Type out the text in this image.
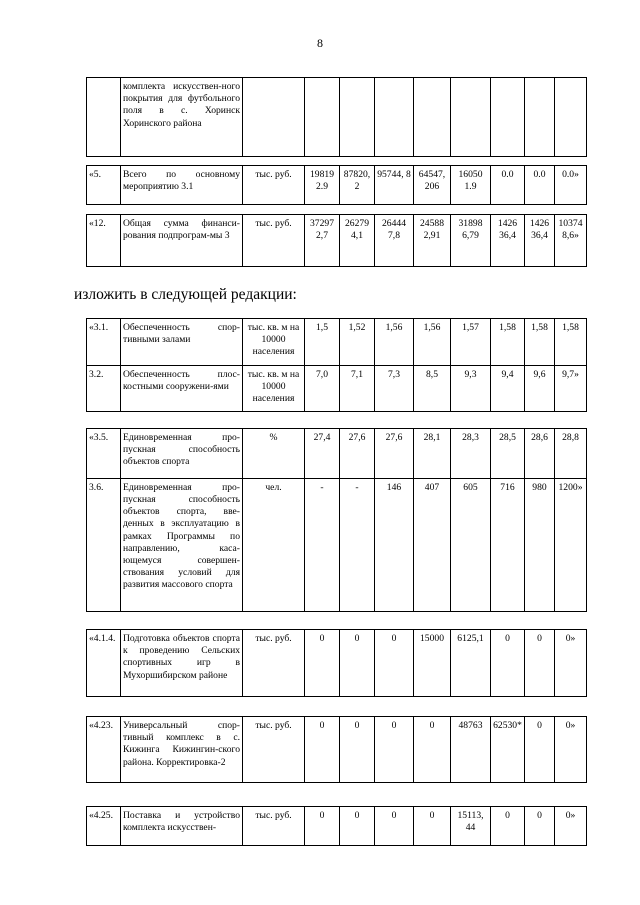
8
	комплекта искусствен-ного покрытия для футбольного поля в с. Хоринск Хоринского района									
«5.	Всего по основному мероприятию 3.1	тыс. руб.	19819 2.9	87820, 2	95744, 8	64547, 206	16050 1.9	0.0	0.0	0.0»
«12.	Общая сумма финанси-рования подпрограм-мы 3	тыс. руб.	37297 2,7	26279 4,1	26444 7,8	24588 2,91	31898 6,79	1426 36,4	1426 36,4	10374 8,6»
изложить в следующей редакции:
«3.1.	Обеспеченность спор-тивными залами	тыс. кв. м на 10000 населения	1,5	1,52	1,56	1,56	1,57	1,58	1,58	1,58
3.2.	Обеспеченность плос-костными сооружени-ями	тыс. кв. м на 10000 населения	7,0	7,1	7,3	8,5	9,3	9,4	9,6	9,7»
«3.5.	Единовременная про-пускная способность объектов спорта	%	27,4	27,6	27,6	28,1	28,3	28,5	28,6	28,8
3.6.	Единовременная про-пускная способность объектов спорта, вве-денных в эксплуатацию в рамках Программы по направлению, каса-ющемуся совершен-ствования условий для развития массового спорта	чел.	-	-	146	407	605	716	980	1200»
«4.1.4.	Подготовка объектов спорта к проведению Сельских спортивных игр в Мухоршибирском районе	тыс. руб.	0	0	0	15000	6125,1	0	0	0»
«4.23.	Универсальный спор-тивный комплекс в с. Кижинга Кижингин-ского района. Корректировка-2	тыс. руб.	0	0	0	0	48763	62530*	0	0»
«4.25.	Поставка и устройство комплекта искусствен-	тыс. руб.	0	0	0	0	15113, 44	0	0	0»
